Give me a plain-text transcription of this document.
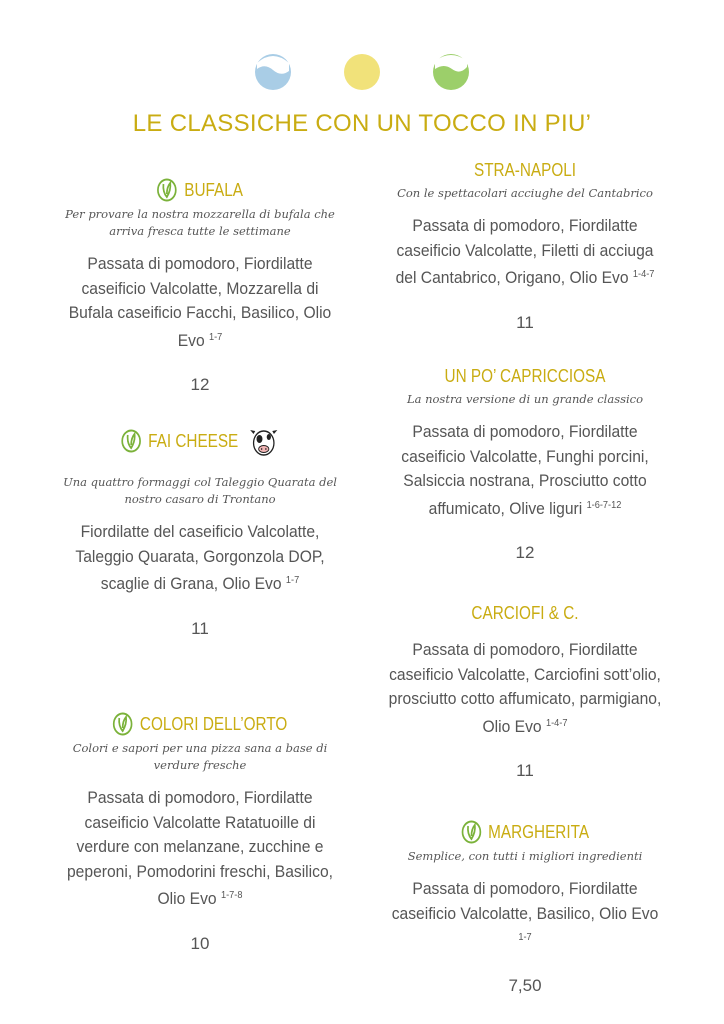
LE CLASSICHE CON UN TOCCO IN PIU’
BUFALA
Per provare la nostra mozzarella di bufala che arriva fresca tutte le settimane
Passata di pomodoro, Fiordilatte caseificio Valcolatte, Mozzarella di Bufala caseificio Facchi, Basilico, Olio Evo $^{1-7}$
12
FAI CHEESE
Una quattro formaggi col Taleggio Quarata del nostro casaro di Trontano
Fiordilatte del caseificio Valcolatte, Taleggio Quarata, Gorgonzola DOP, scaglie di Grana, Olio Evo $^{1-7}$
11
COLORI DELL’ORTO
Colori e sapori per una pizza sana a base di verdure fresche
Passata di pomodoro, Fiordilatte caseificio Valcolatte Ratatuoille di verdure con melanzane, zucchine e peperoni, Pomodorini freschi, Basilico, Olio Evo $^{1-7-8}$
10
STRA-NAPOLI
Con le spettacolari acciughe del Cantabrico
Passata di pomodoro, Fiordilatte caseificio Valcolatte, Filetti di acciuga del Cantabrico, Origano, Olio Evo $^{1-4-7}$
11
UN PO’ CAPRICCIOSA
La nostra versione di un grande classico
Passata di pomodoro, Fiordilatte caseificio Valcolatte, Funghi porcini, Salsiccia nostrana, Prosciutto cotto affumicato, Olive liguri $^{1-6-7-12}$
12
CARCIOFI & C.
Passata di pomodoro, Fiordilatte caseificio Valcolatte, Carciofini sott’olio, prosciutto cotto affumicato, parmigiano, Olio Evo $^{1-4-7}$
11
MARGHERITA
Semplice, con tutti i migliori ingredienti
Passata di pomodoro, Fiordilatte caseificio Valcolatte, Basilico, Olio Evo $^{1-7}$
7,50
